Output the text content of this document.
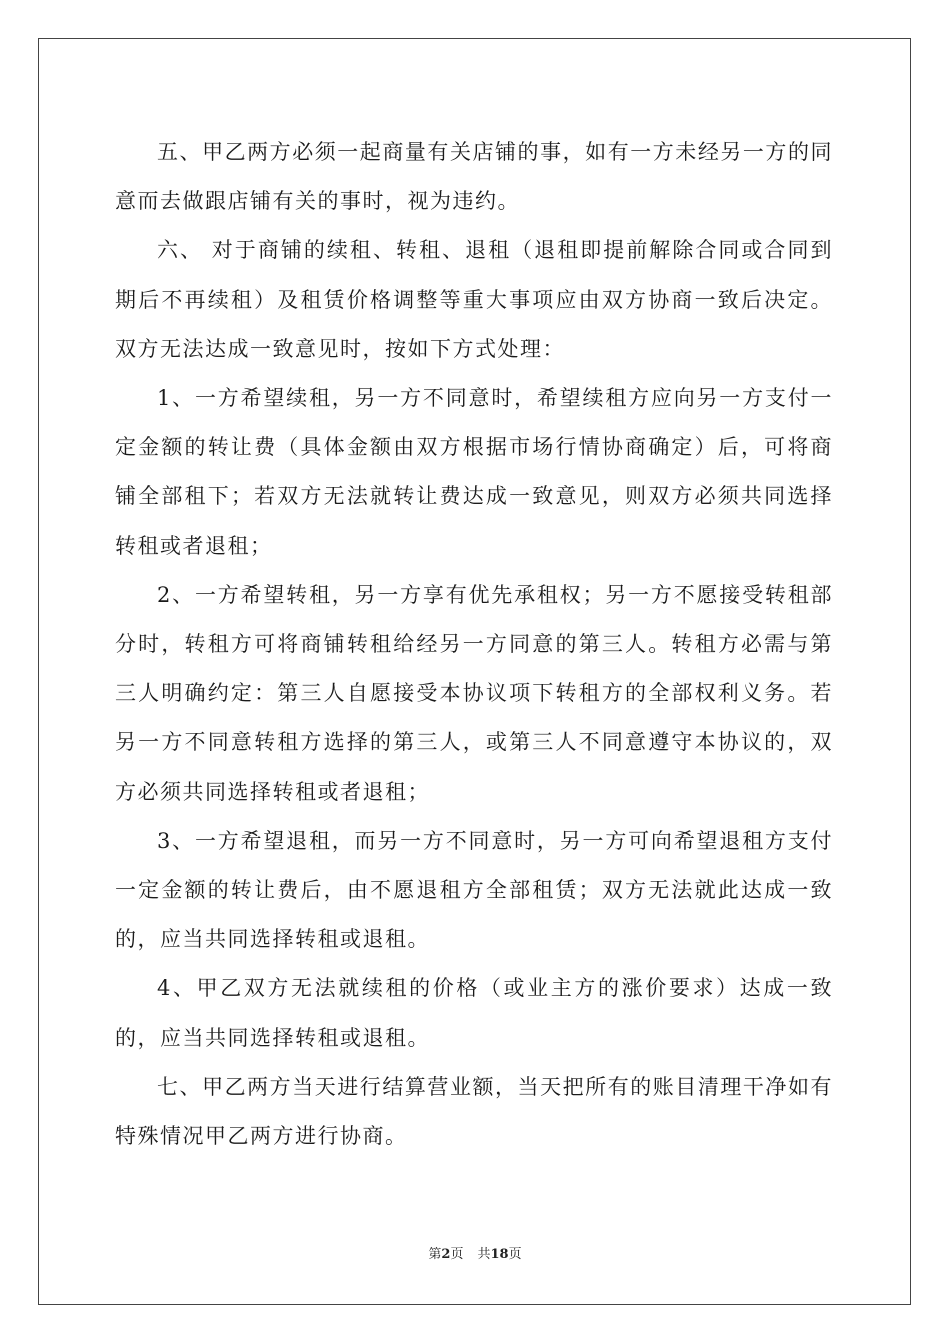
五、甲乙两方必须一起商量有关店铺的事，如有一方未经另一方的同意而去做跟店铺有关的事时，视为违约。

六、 对于商铺的续租、转租、退租（退租即提前解除合同或合同到期后不再续租）及租赁价格调整等重大事项应由双方协商一致后决定。双方无法达成一致意见时，按如下方式处理：

1、一方希望续租，另一方不同意时，希望续租方应向另一方支付一定金额的转让费（具体金额由双方根据市场行情协商确定）后，可将商铺全部租下；若双方无法就转让费达成一致意见，则双方必须共同选择转租或者退租；

2、一方希望转租，另一方享有优先承租权；另一方不愿接受转租部分时，转租方可将商铺转租给经另一方同意的第三人。转租方必需与第三人明确约定：第三人自愿接受本协议项下转租方的全部权利义务。若另一方不同意转租方选择的第三人，或第三人不同意遵守本协议的，双方必须共同选择转租或者退租；

3、一方希望退租，而另一方不同意时，另一方可向希望退租方支付一定金额的转让费后，由不愿退租方全部租赁；双方无法就此达成一致的，应当共同选择转租或退租。

4、甲乙双方无法就续租的价格（或业主方的涨价要求）达成一致的，应当共同选择转租或退租。

七、甲乙两方当天进行结算营业额，当天把所有的账目清理干净如有特殊情况甲乙两方进行协商。

第2页 共18页
